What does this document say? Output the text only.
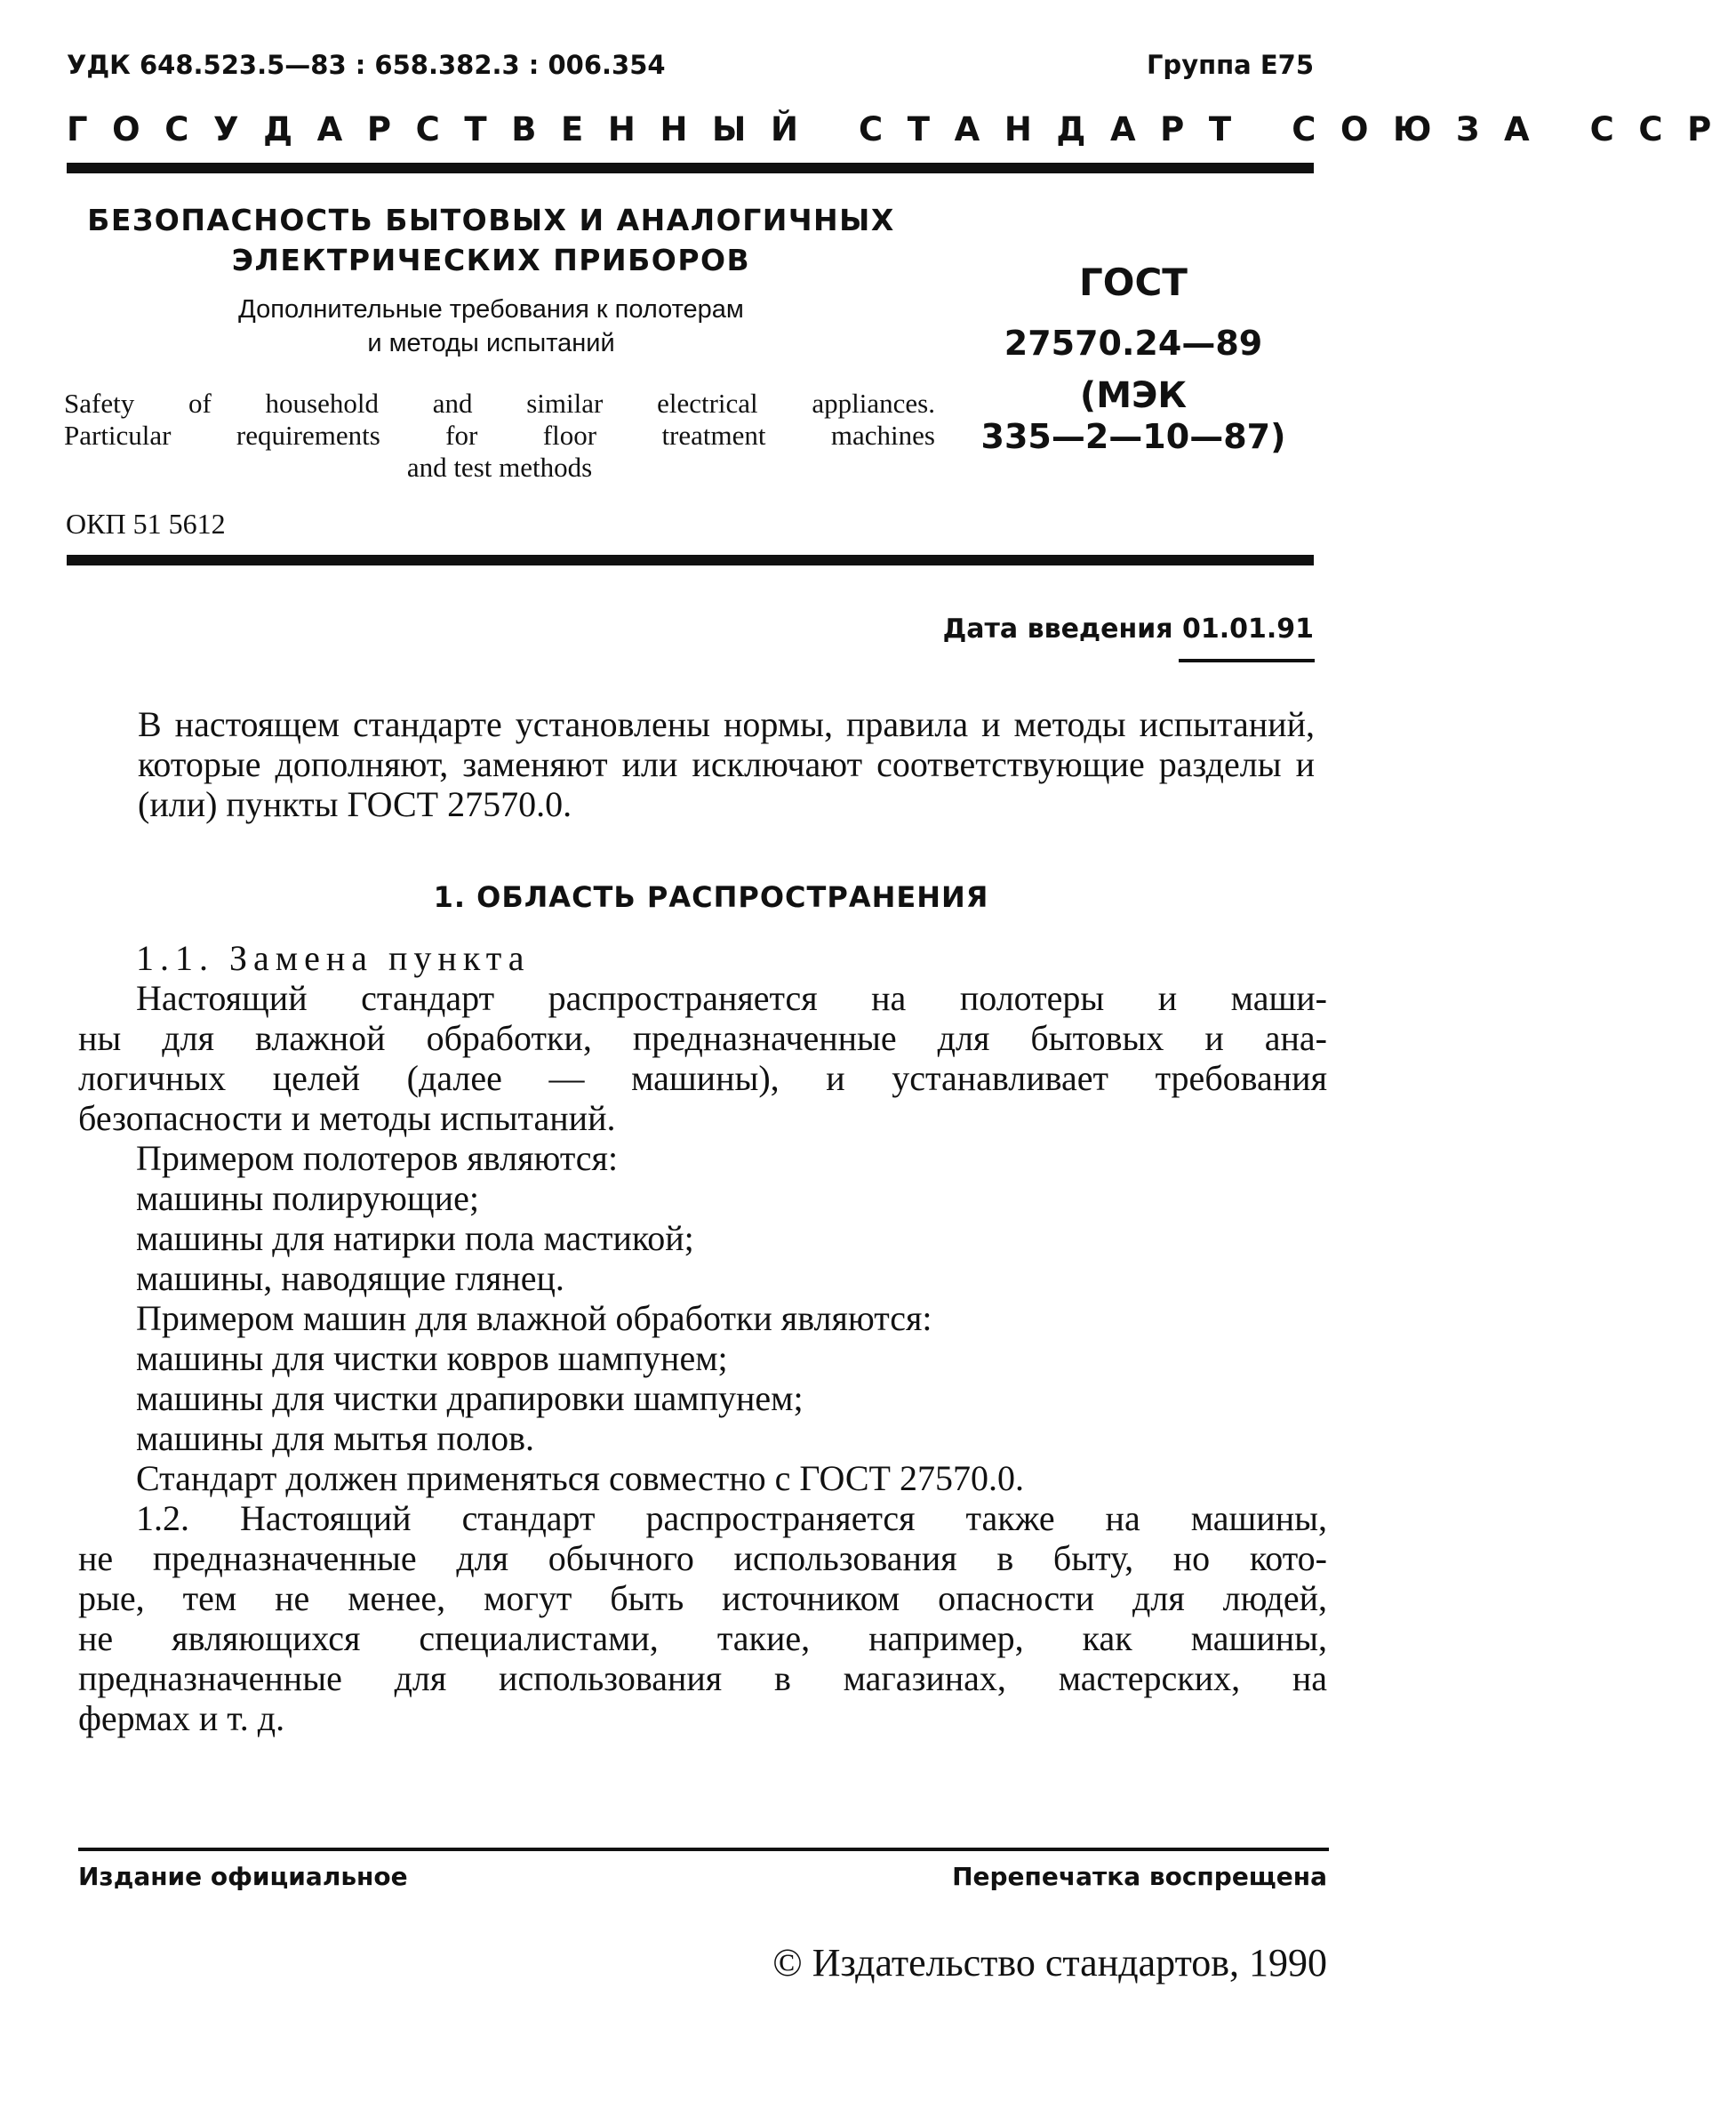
УДК 648.523.5—83 : 658.382.3 : 006.354	Группа Е75
ГОСУДАРСТВЕННЫЙ СТАНДАРТ СОЮЗА ССР
БЕЗОПАСНОСТЬ БЫТОВЫХ И АНАЛОГИЧНЫХ
ЭЛЕКТРИЧЕСКИХ ПРИБОРОВ
Дополнительные требования к полотерам
и методы испытаний
Safety of household and similar electrical appliances.
Particular requirements for floor treatment machines
and test methods
ГОСТ
27570.24—89
(МЭК
335—2—10—87)
ОКП 51 5612
Дата введения 01.01.91
В настоящем стандарте установлены нормы, правила и методы испытаний, которые дополняют, заменяют или исключают соответствующие разделы и (или) пункты ГОСТ 27570.0.
1. ОБЛАСТЬ РАСПРОСТРАНЕНИЯ
1.1. Замена пункта
Настоящий стандарт распространяется на полотеры и маши-
ны для влажной обработки, предназначенные для бытовых и ана-
логичных целей (далее — машины), и устанавливает требования
безопасности и методы испытаний.
Примером полотеров являются:
машины полирующие;
машины для натирки пола мастикой;
машины, наводящие глянец.
Примером машин для влажной обработки являются:
машины для чистки ковров шампунем;
машины для чистки драпировки шампунем;
машины для мытья полов.
Стандарт должен применяться совместно с ГОСТ 27570.0.
1.2. Настоящий стандарт распространяется также на машины,
не предназначенные для обычного использования в быту, но кото-
рые, тем не менее, могут быть источником опасности для людей,
не являющихся специалистами, такие, например, как машины,
предназначенные для использования в магазинах, мастерских, на
фермах и т. д.
Издание официальное	Перепечатка воспрещена
© Издательство стандартов, 1990
